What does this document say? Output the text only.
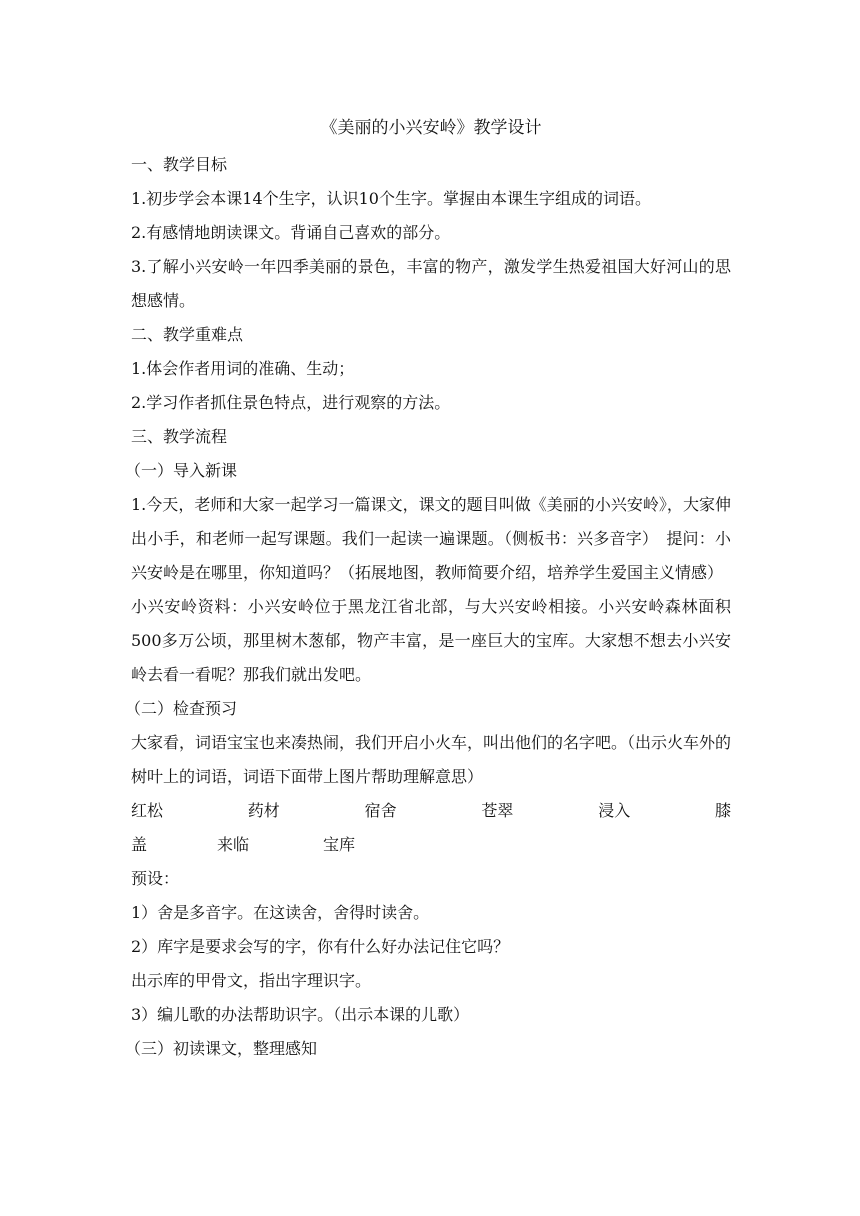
《美丽的小兴安岭》教学设计

一、教学目标

1.初步学会本课14个生字，认识10个生字。掌握由本课生字组成的词语。

2.有感情地朗读课文。背诵自己喜欢的部分。

3.了解小兴安岭一年四季美丽的景色，丰富的物产，激发学生热爱祖国大好河山的思想感情。

二、教学重难点

1.体会作者用词的准确、生动；

2.学习作者抓住景色特点，进行观察的方法。

三、教学流程

（一）导入新课

1.今天，老师和大家一起学习一篇课文，课文的题目叫做《美丽的小兴安岭》，大家伸出小手，和老师一起写课题。我们一起读一遍课题。（侧板书：兴多音字）　提问：小兴安岭是在哪里，你知道吗？（拓展地图，教师简要介绍，培养学生爱国主义情感）

小兴安岭资料：小兴安岭位于黑龙江省北部，与大兴安岭相接。小兴安岭森林面积500多万公顷，那里树木葱郁，物产丰富，是一座巨大的宝库。大家想不想去小兴安岭去看一看呢？那我们就出发吧。

（二）检查预习

大家看，词语宝宝也来凑热闹，我们开启小火车，叫出他们的名字吧。（出示火车外的树叶上的词语，词语下面带上图片帮助理解意思）

红松	药材	宿舍	苍翠	浸入	膝
盖	来临	宝库

预设：

1）舍是多音字。在这读舍，舍得时读舍。

2）库字是要求会写的字，你有什么好办法记住它吗？

出示库的甲骨文，指出字理识字。

3）编儿歌的办法帮助识字。（出示本课的儿歌）

（三）初读课文，整理感知
